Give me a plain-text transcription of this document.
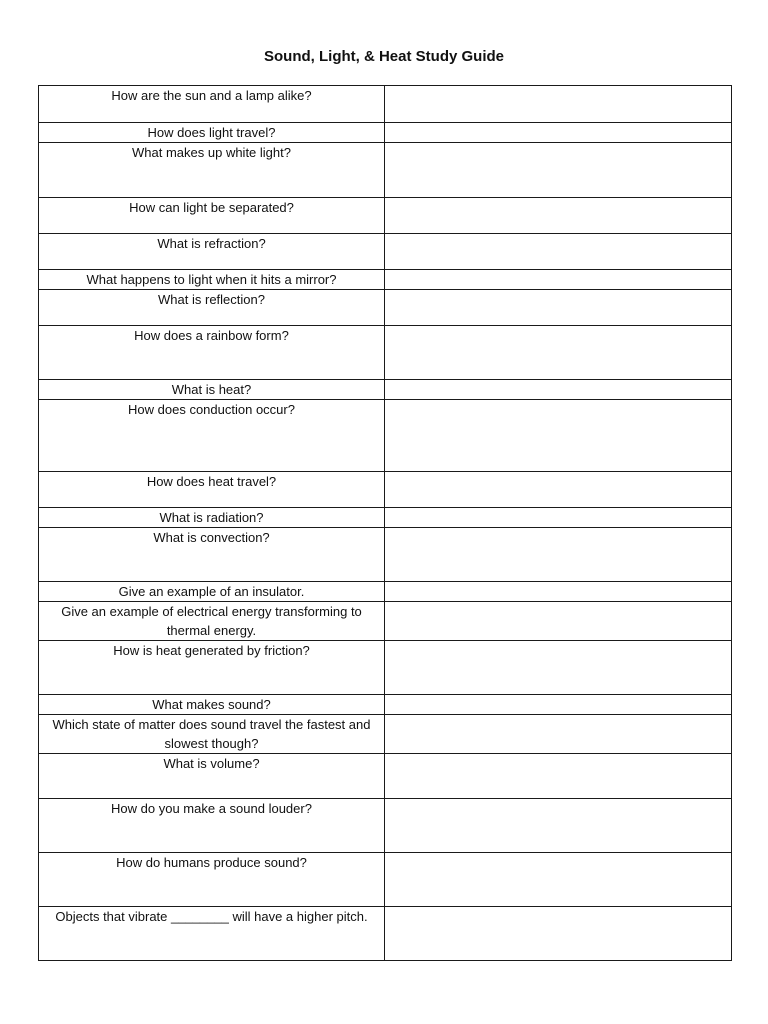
Sound, Light, & Heat Study Guide
How are the sun and a lamp alike?	

How does light travel?	

What makes up white light?	

How can light be separated?	

What is refraction?	

What happens to light when it hits a mirror?	

What is reflection?	

How does a rainbow form?	

What is heat?	

How does conduction occur?	

How does heat travel?	

What is radiation?	

What is convection?	

Give an example of an insulator.	

Give an example of electrical energy transforming to thermal energy.	

How is heat generated by friction?	

What makes sound?	

Which state of matter does sound travel the fastest and slowest though?	

What is volume?	

How do you make a sound louder?	

How do humans produce sound?	

Objects that vibrate ________ will have a higher pitch.	
